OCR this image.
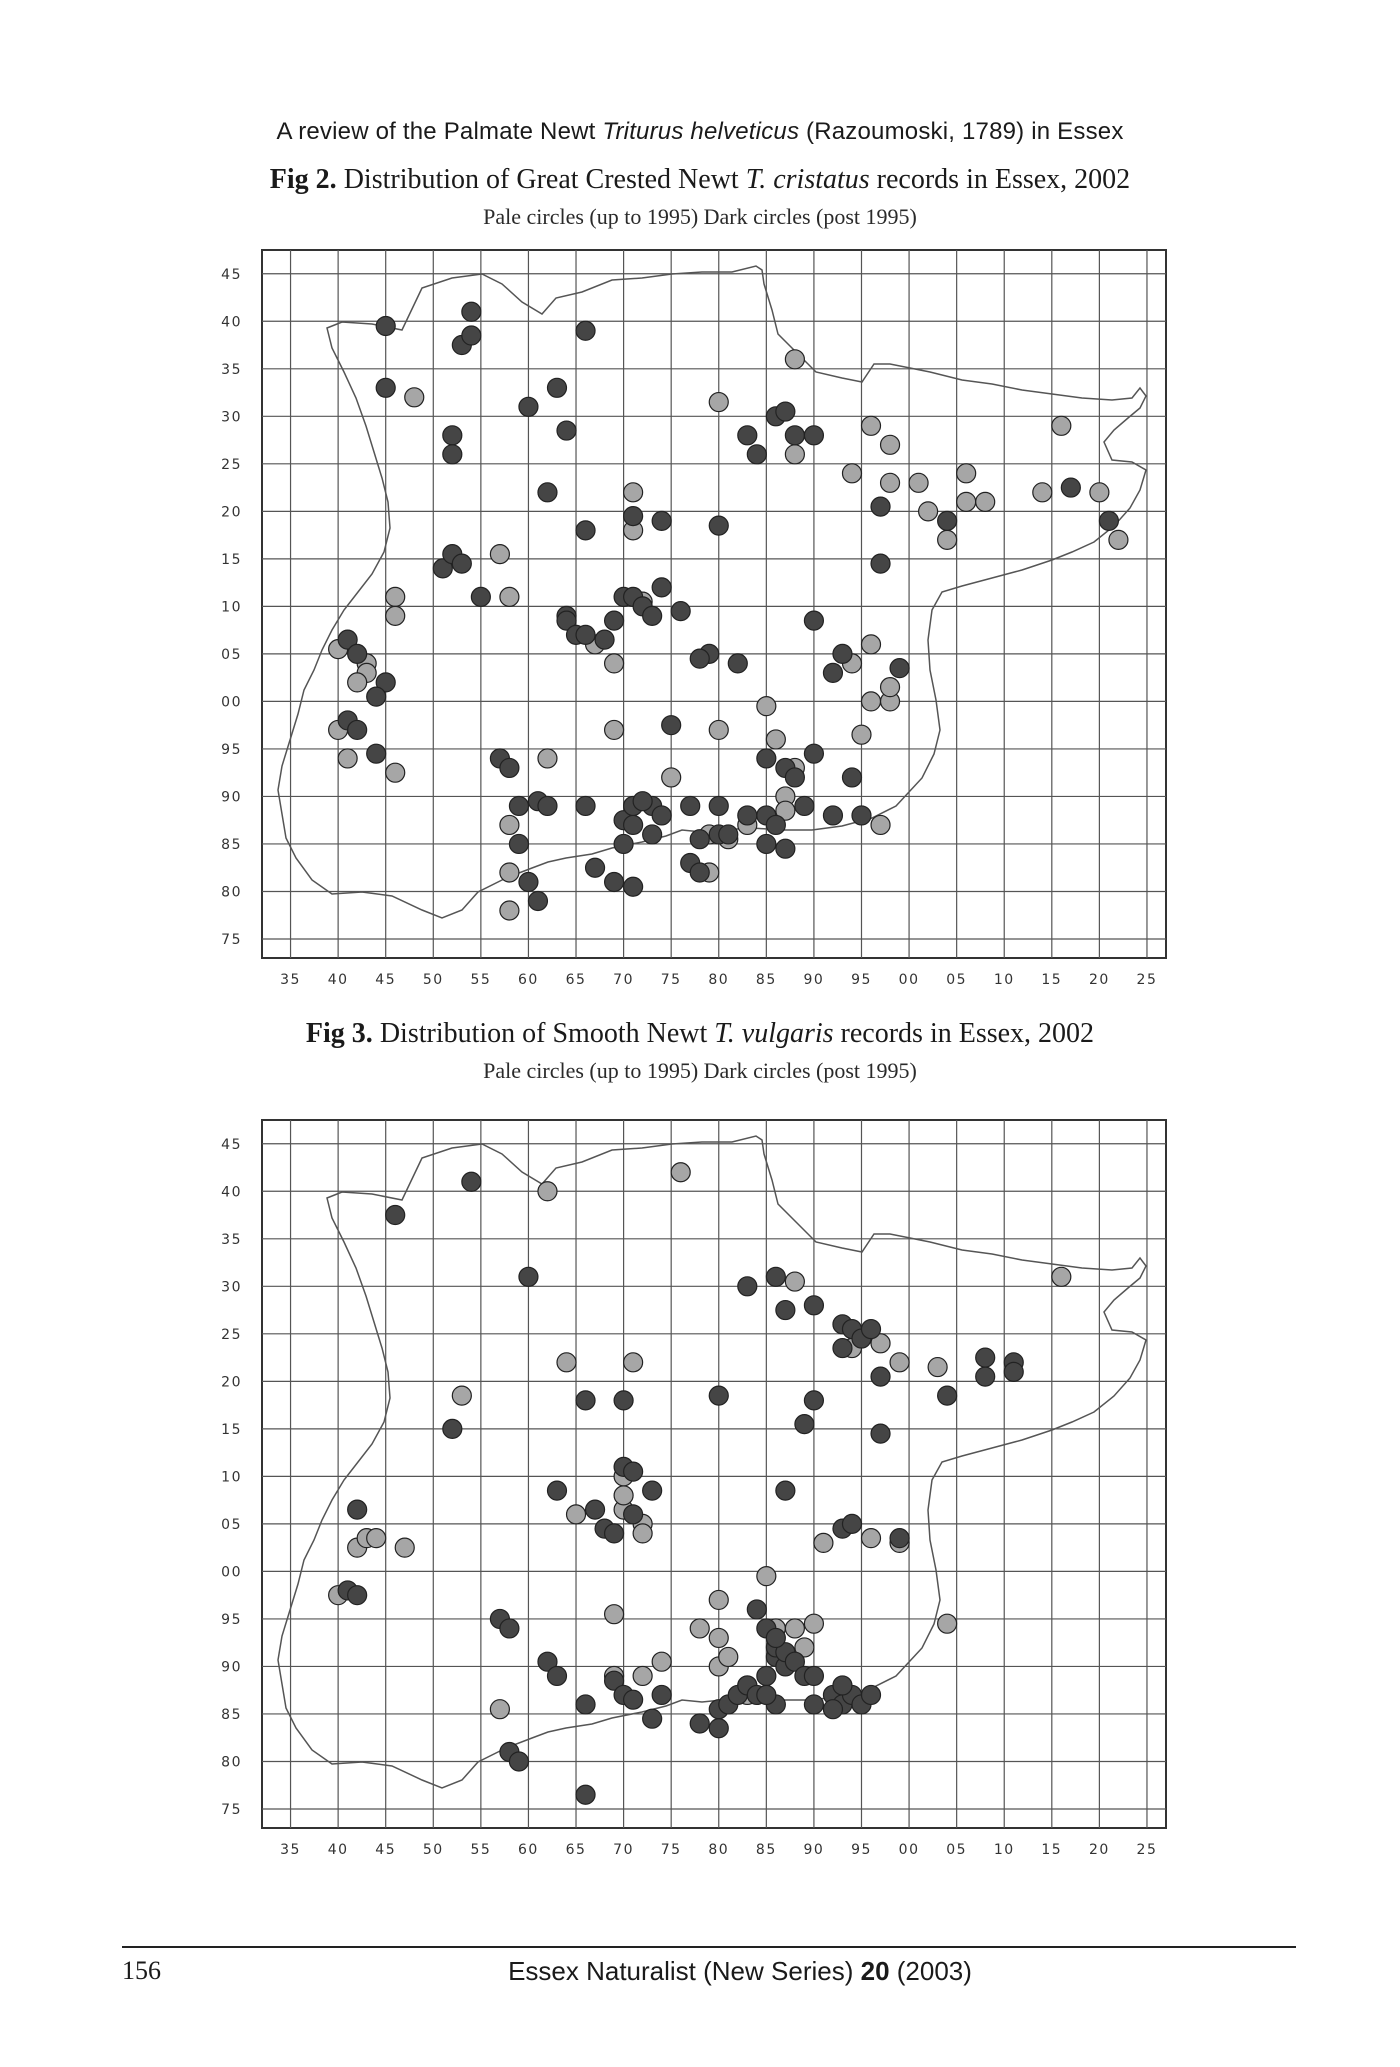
A review of the Palmate Newt Triturus helveticus (Razoumoski, 1789) in Essex
Fig 2. Distribution of Great Crested Newt T. cristatus records in Essex, 2002
Pale circles (up to 1995) Dark circles (post 1995)
35 40 45 50 55 60 65 70 75 80 85 90 95 00 05 10 15 20 25
45
40
35
30
25
20
15
10
05
00
95
90
85
80
75
Fig 3. Distribution of Smooth Newt T. vulgaris records in Essex, 2002
Pale circles (up to 1995) Dark circles (post 1995)
35 40 45 50 55 60 65 70 75 80 85 90 95 00 05 10 15 20 25
45
40
35
30
25
20
15
10
05
00
95
90
85
80
75
156	Essex Naturalist (New Series) 20 (2003)
